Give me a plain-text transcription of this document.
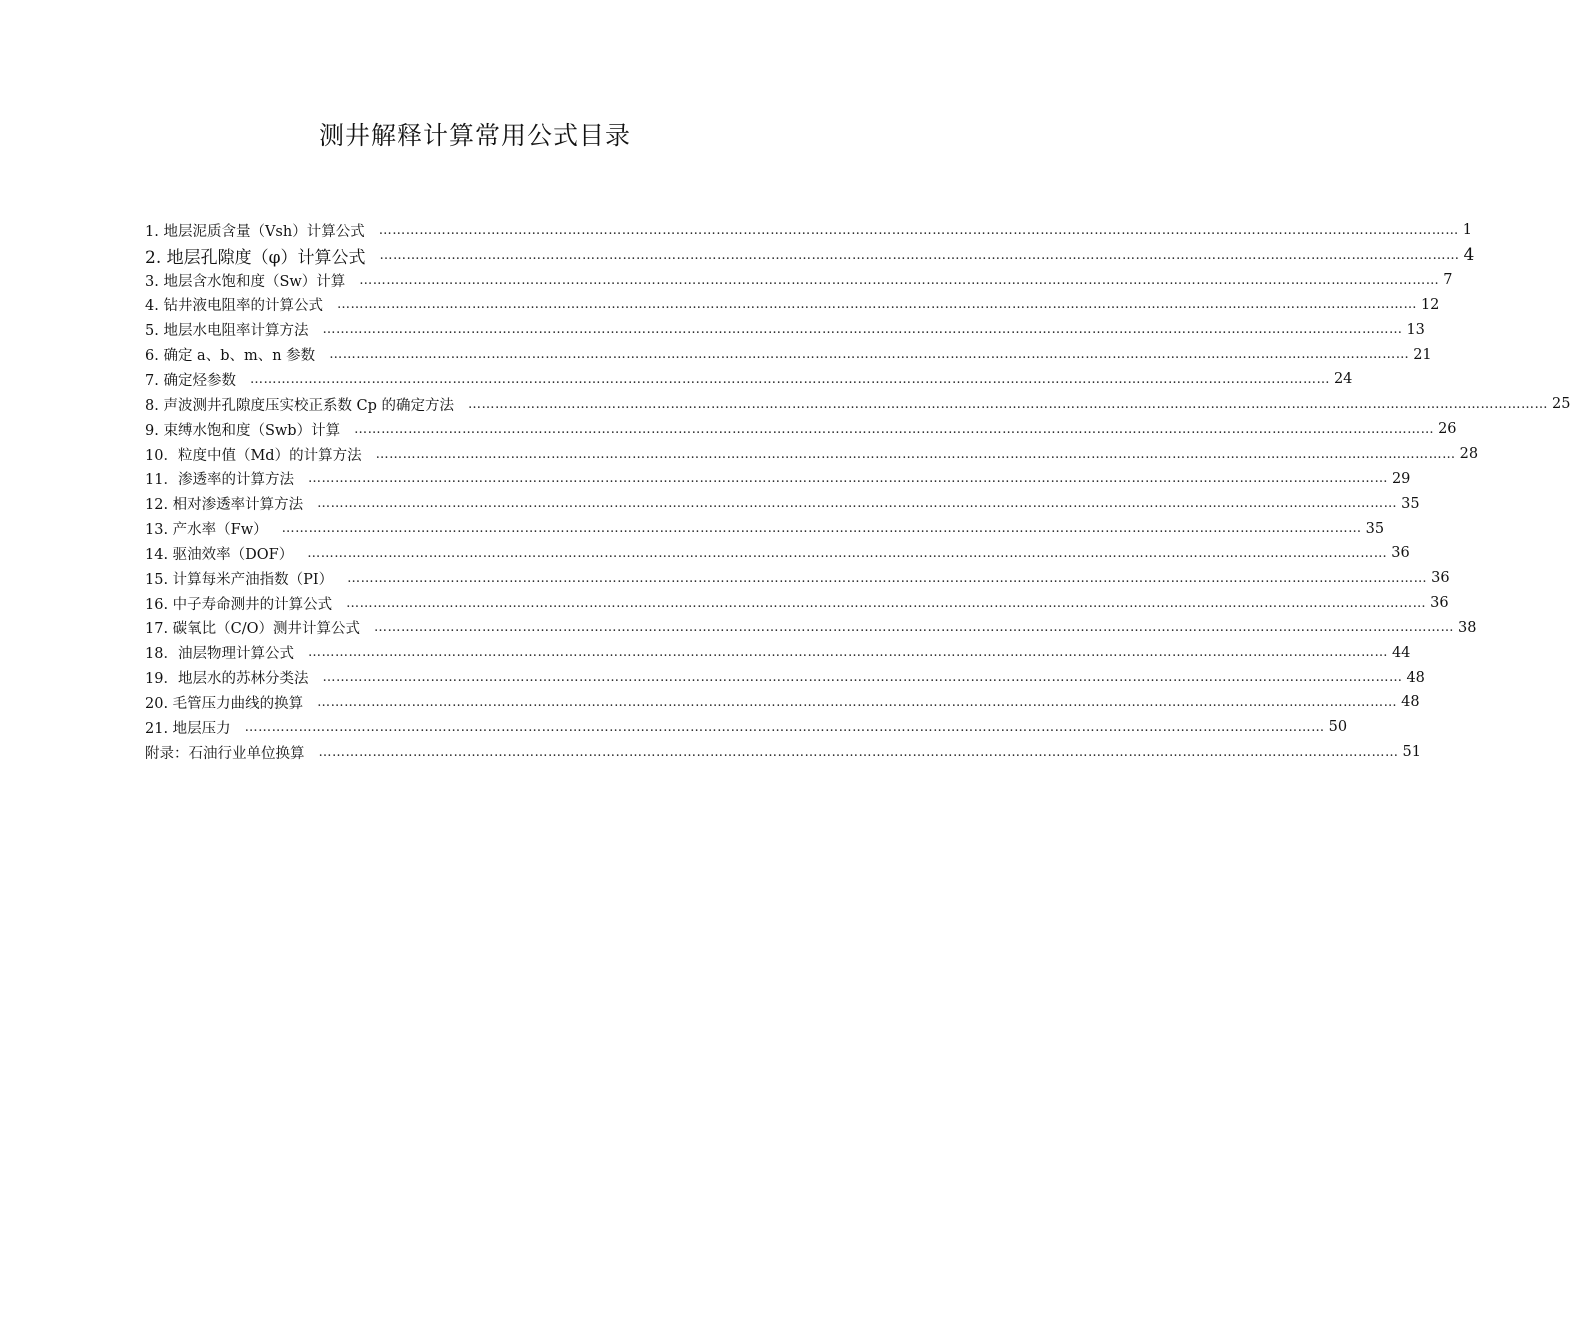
测井解释计算常用公式目录
1. 地层泥质含量（Vsh）计算公式 …………………………………………………………………………………………………………………………………………………………………………………………………………………… 1
2. 地层孔隙度（φ）计算公式 …………………………………………………………………………………………………………………………………………………………………………………………………………………… 4
3. 地层含水饱和度（Sw）计算 …………………………………………………………………………………………………………………………………………………………………………………………………………………… 7
4. 钻井液电阻率的计算公式 …………………………………………………………………………………………………………………………………………………………………………………………………………………… 12
5. 地层水电阻率计算方法 …………………………………………………………………………………………………………………………………………………………………………………………………………………… 13
6. 确定 a、b、m、n 参数 …………………………………………………………………………………………………………………………………………………………………………………………………………………… 21
7. 确定烃参数 …………………………………………………………………………………………………………………………………………………………………………………………………………………… 24
8. 声波测井孔隙度压实校正系数 Cp 的确定方法 …………………………………………………………………………………………………………………………………………………………………………………………………………………… 25
9. 束缚水饱和度（Swb）计算 …………………………………………………………………………………………………………………………………………………………………………………………………………………… 26
10．粒度中值（Md）的计算方法 …………………………………………………………………………………………………………………………………………………………………………………………………………………… 28
11．渗透率的计算方法 …………………………………………………………………………………………………………………………………………………………………………………………………………………… 29
12. 相对渗透率计算方法 …………………………………………………………………………………………………………………………………………………………………………………………………………………… 35
13. 产水率（Fw） …………………………………………………………………………………………………………………………………………………………………………………………………………………… 35
14. 驱油效率（DOF） …………………………………………………………………………………………………………………………………………………………………………………………………………………… 36
15. 计算每米产油指数（PI） …………………………………………………………………………………………………………………………………………………………………………………………………………………… 36
16. 中子寿命测井的计算公式 …………………………………………………………………………………………………………………………………………………………………………………………………………………… 36
17. 碳氧比（C/O）测井计算公式 …………………………………………………………………………………………………………………………………………………………………………………………………………………… 38
18．油层物理计算公式 …………………………………………………………………………………………………………………………………………………………………………………………………………………… 44
19．地层水的苏林分类法 …………………………………………………………………………………………………………………………………………………………………………………………………………………… 48
20. 毛管压力曲线的换算 …………………………………………………………………………………………………………………………………………………………………………………………………………………… 48
21. 地层压力 …………………………………………………………………………………………………………………………………………………………………………………………………………………… 50
附录：石油行业单位换算 …………………………………………………………………………………………………………………………………………………………………………………………………………………… 51
